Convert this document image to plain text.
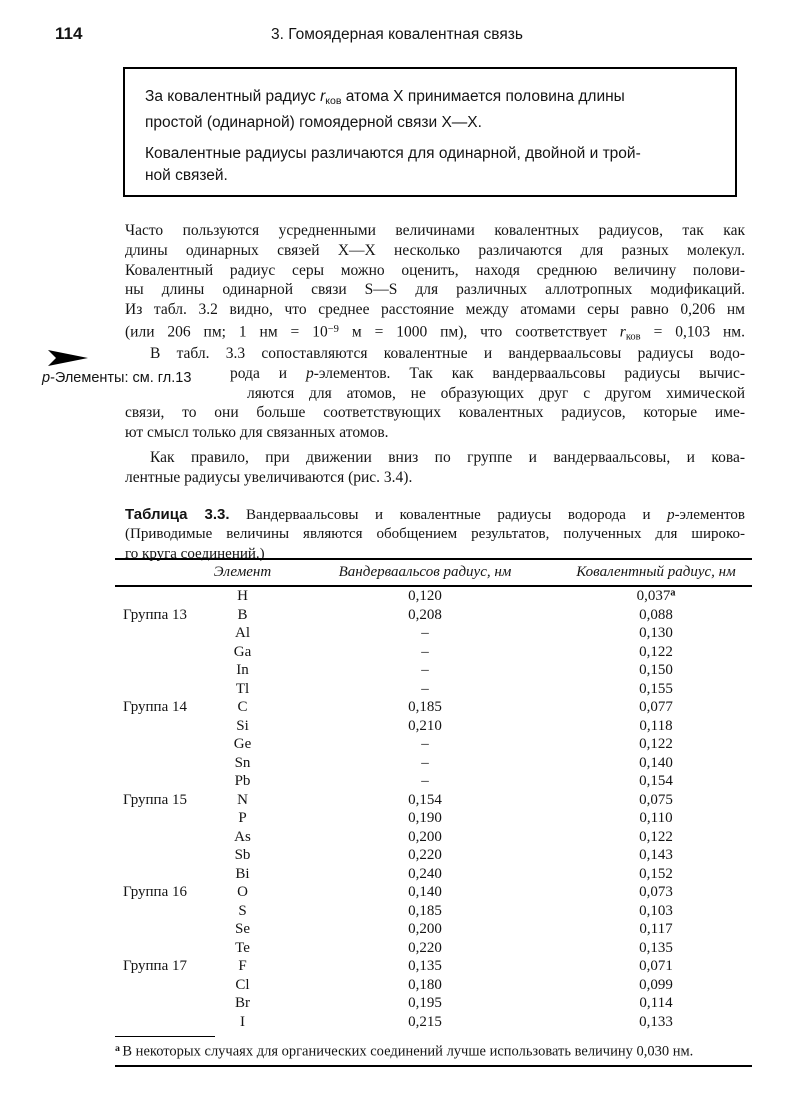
114	3. Гомоядерная ковалентная связь
За ковалентный радиус $r_{ков}$ атома X принимается половина длины
простой (одинарной) гомоядерной связи X—X.
Ковалентные радиусы различаются для одинарной, двойной и трой-
ной связей.
Часто пользуются усредненными величинами ковалентных радиусов, так как
длины одинарных связей X—X несколько различаются для разных молекул.
Ковалентный радиус серы можно оценить, находя среднюю величину полови-
ны длины одинарной связи S—S для различных аллотропных модификаций.
Из табл. 3.2 видно, что среднее расстояние между атомами серы равно 0,206 нм
(или 206 пм; 1 нм = $10^{-9}$ м = 1000 пм), что соответствует $r_{ков} = 0,103$ нм.
p-Элементы: см. гл.13
В табл. 3.3 сопоставляются ковалентные и вандерваальсовы радиусы водо-
рода и p-элементов. Так как вандерваальсовы радиусы вычис-
ляются для атомов, не образующих друг с другом химической
связи, то они больше соответствующих ковалентных радиусов, которые име-
ют смысл только для связанных атомов.
Как правило, при движении вниз по группе и вандерваальсовы, и кова-
лентные радиусы увеличиваются (рис. 3.4).
Таблица 3.3. Вандерваальсовы и ковалентные радиусы водорода и p-элементов
(Приводимые величины являются обобщением результатов, полученных для широко-
го круга соединений.)
	Элемент	Вандерваальсов радиус, нм	Ковалентный радиус, нм
	H	0,120	$0,037^а$
Группа 13	B	0,208	0,088
	Al	–	0,130
	Ga	–	0,122
	In	–	0,150
	Tl	–	0,155
Группа 14	C	0,185	0,077
	Si	0,210	0,118
	Ge	–	0,122
	Sn	–	0,140
	Pb	–	0,154
Группа 15	N	0,154	0,075
	P	0,190	0,110
	As	0,200	0,122
	Sb	0,220	0,143
	Bi	0,240	0,152
Группа 16	O	0,140	0,073
	S	0,185	0,103
	Se	0,200	0,117
	Te	0,220	0,135
Группа 17	F	0,135	0,071
	Cl	0,180	0,099
	Br	0,195	0,114
	I	0,215	0,133
$^а$ В некоторых случаях для органических соединений лучше использовать величину 0,030 нм.
